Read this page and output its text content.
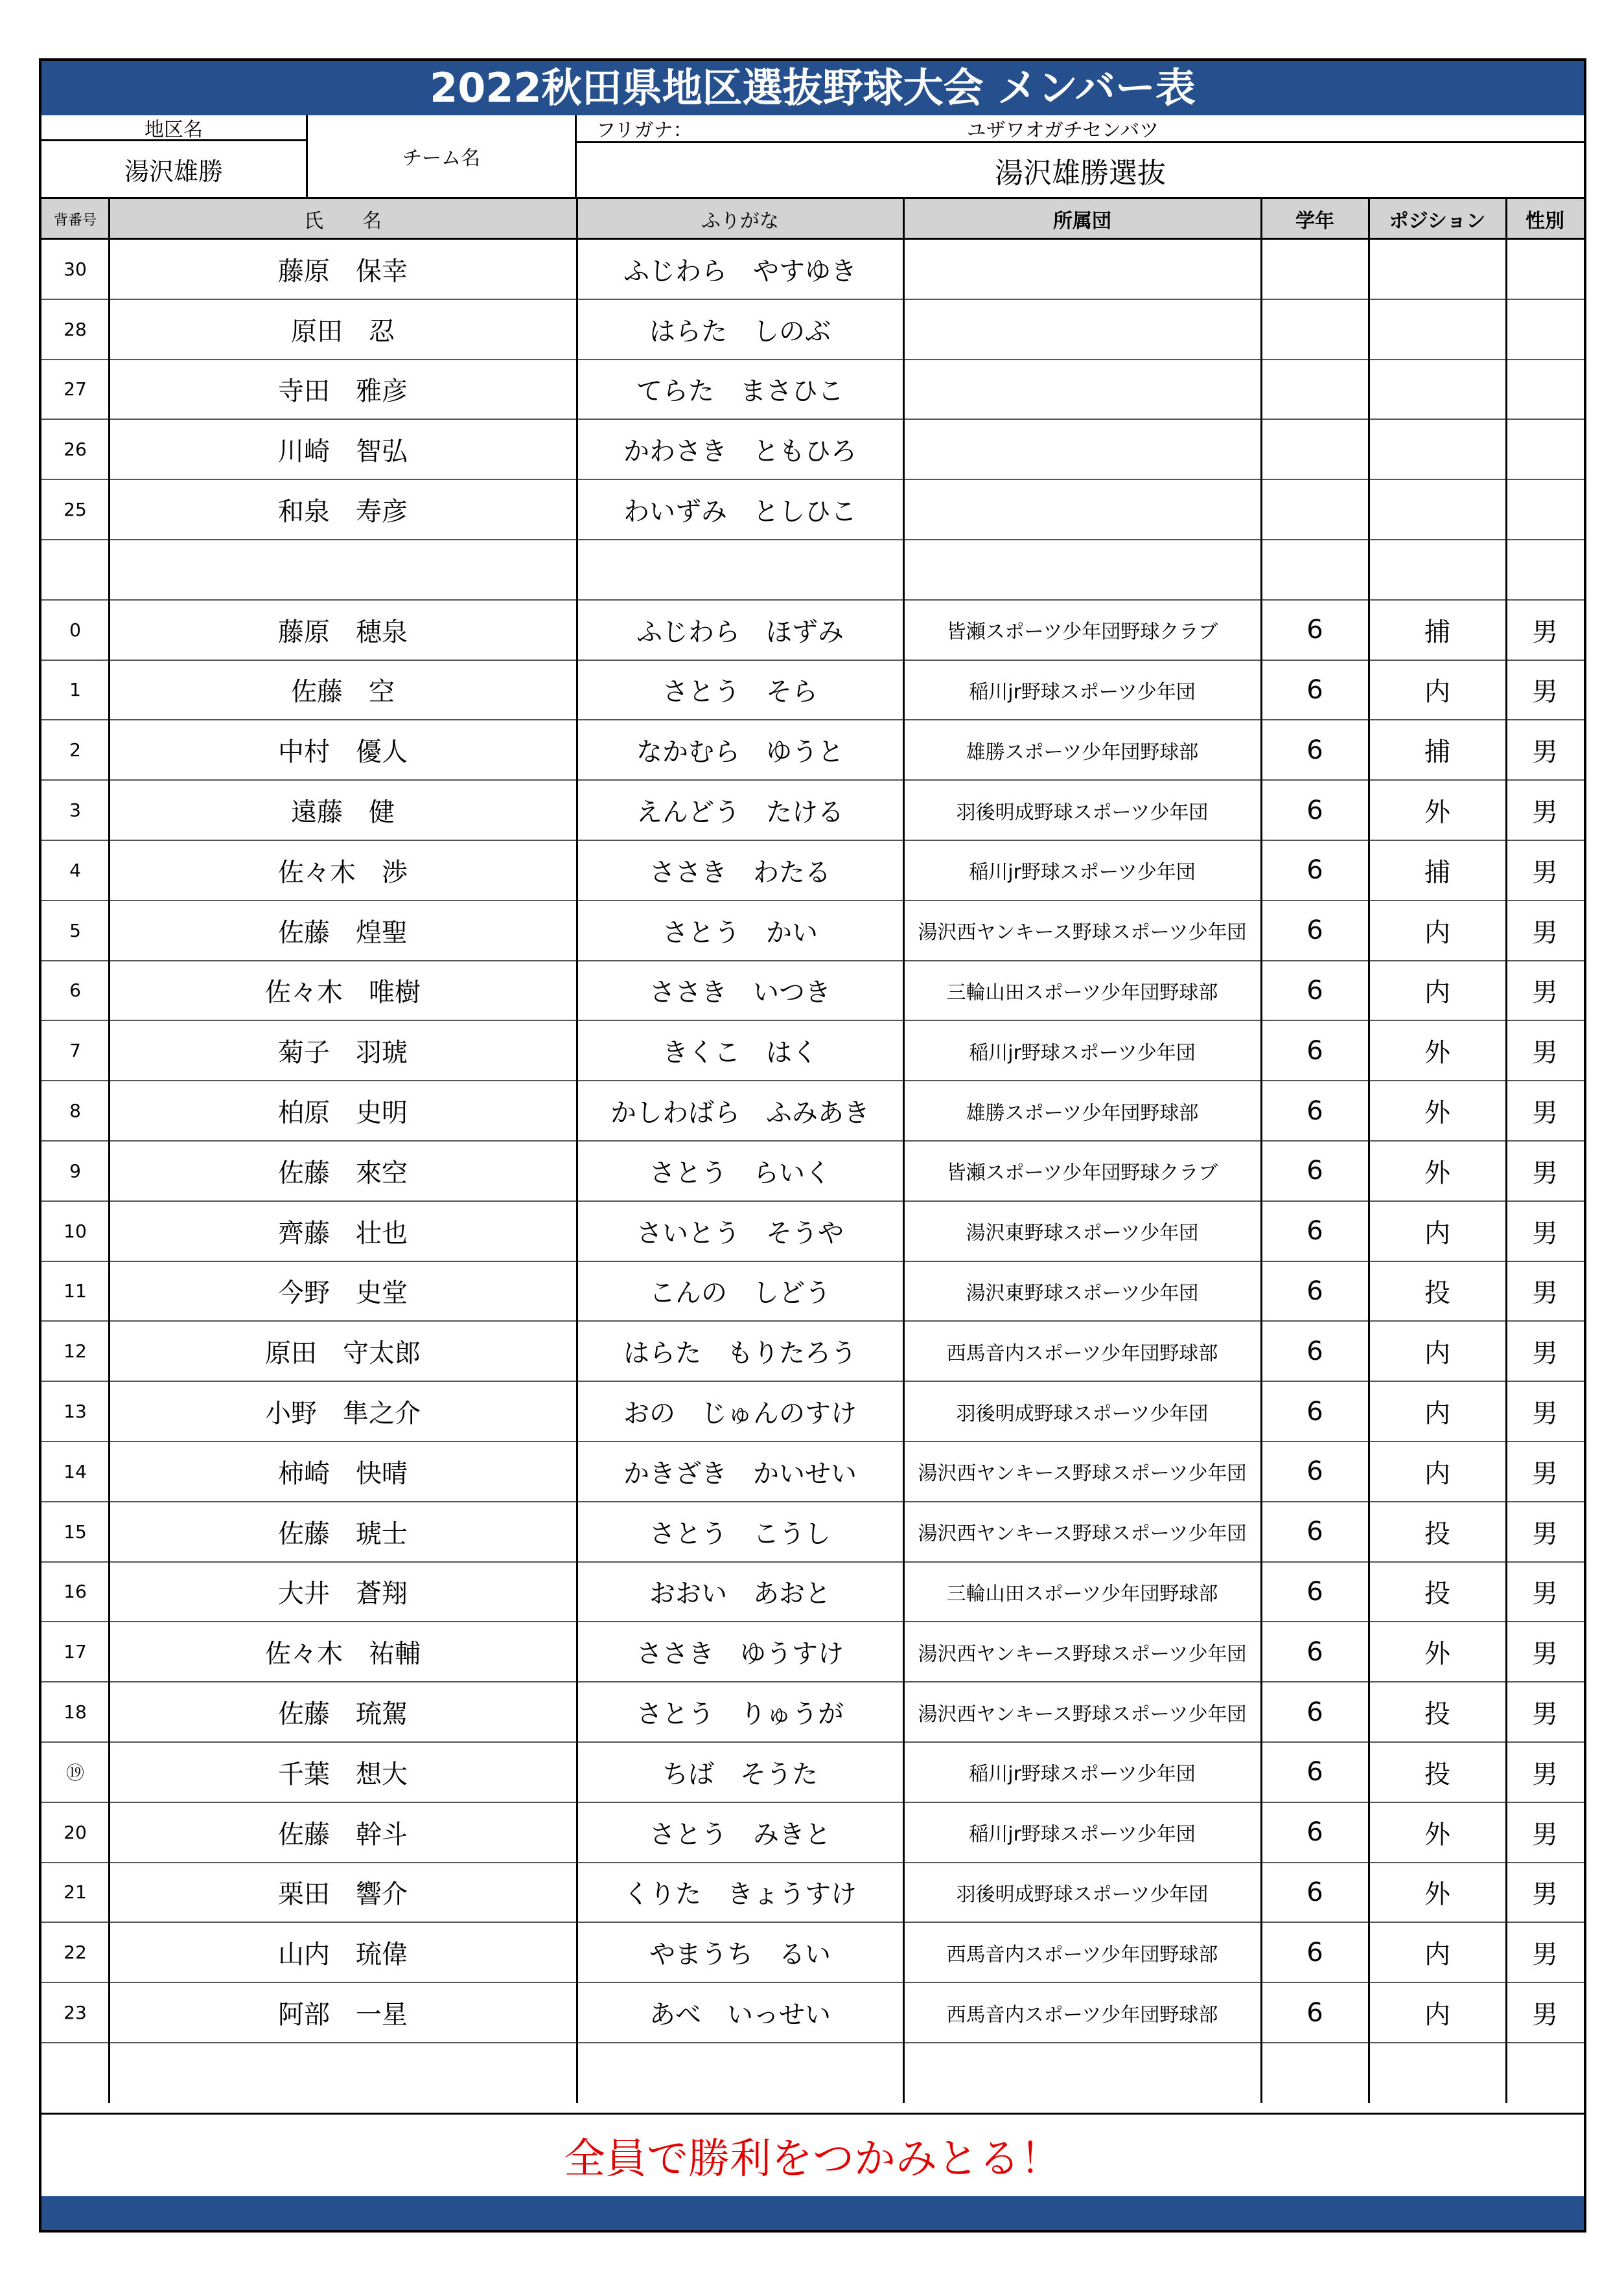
2022秋田県地区選抜野球大会 メンバー表
地区名
湯沢雄勝	チーム名
フリガナ：	ユザワオガチセンバツ
湯沢雄勝選抜
全員で勝利をつかみとる！
背番号	氏　　名	ふりがな	所属団	学年	ポジション	性別
30	藤原　保幸	ふじわら　やすゆき
28	原田　忍	はらた　しのぶ
27	寺田　雅彦	てらた　まさひこ
26	川崎　智弘	かわさき　ともひろ
25	和泉　寿彦	わいずみ　としひこ
0	藤原　穂泉	ふじわら　ほずみ	皆瀬スポーツ少年団野球クラブ	6	捕	男
1	佐藤　空	さとう　そら	稲川jr野球スポーツ少年団	6	内	男
2	中村　優人	なかむら　ゆうと	雄勝スポーツ少年団野球部	6	捕	男
3	遠藤　健	えんどう　たける	羽後明成野球スポーツ少年団	6	外	男
4	佐々木　渉	ささき　わたる	稲川jr野球スポーツ少年団	6	捕	男
5	佐藤　煌聖	さとう　かい	湯沢西ヤンキース野球スポーツ少年団	6	内	男
6	佐々木　唯樹	ささき　いつき	三輪山田スポーツ少年団野球部	6	内	男
7	菊子　羽琥	きくこ　はく	稲川jr野球スポーツ少年団	6	外	男
8	柏原　史明	かしわばら　ふみあき	雄勝スポーツ少年団野球部	6	外	男
9	佐藤　來空	さとう　らいく	皆瀬スポーツ少年団野球クラブ	6	外	男
10	齊藤　壮也	さいとう　そうや	湯沢東野球スポーツ少年団	6	内	男
11	今野　史堂	こんの　しどう	湯沢東野球スポーツ少年団	6	投	男
12	原田　守太郎	はらた　もりたろう	西馬音内スポーツ少年団野球部	6	内	男
13	小野　隼之介	おの　じゅんのすけ	羽後明成野球スポーツ少年団	6	内	男
14	柿崎　快晴	かきざき　かいせい	湯沢西ヤンキース野球スポーツ少年団	6	内	男
15	佐藤　琥士	さとう　こうし	湯沢西ヤンキース野球スポーツ少年団	6	投	男
16	大井　蒼翔	おおい　あおと	三輪山田スポーツ少年団野球部	6	投	男
17	佐々木　祐輔	ささき　ゆうすけ	湯沢西ヤンキース野球スポーツ少年団	6	外	男
18	佐藤　琉駕	さとう　りゅうが	湯沢西ヤンキース野球スポーツ少年団	6	投	男
⑲	千葉　想大	ちば　そうた	稲川jr野球スポーツ少年団	6	投	男
20	佐藤　幹斗	さとう　みきと	稲川jr野球スポーツ少年団	6	外	男
21	栗田　響介	くりた　きょうすけ	羽後明成野球スポーツ少年団	6	外	男
22	山内　琉偉	やまうち　るい	西馬音内スポーツ少年団野球部	6	内	男
23	阿部　一星	あべ　いっせい	西馬音内スポーツ少年団野球部	6	内	男
